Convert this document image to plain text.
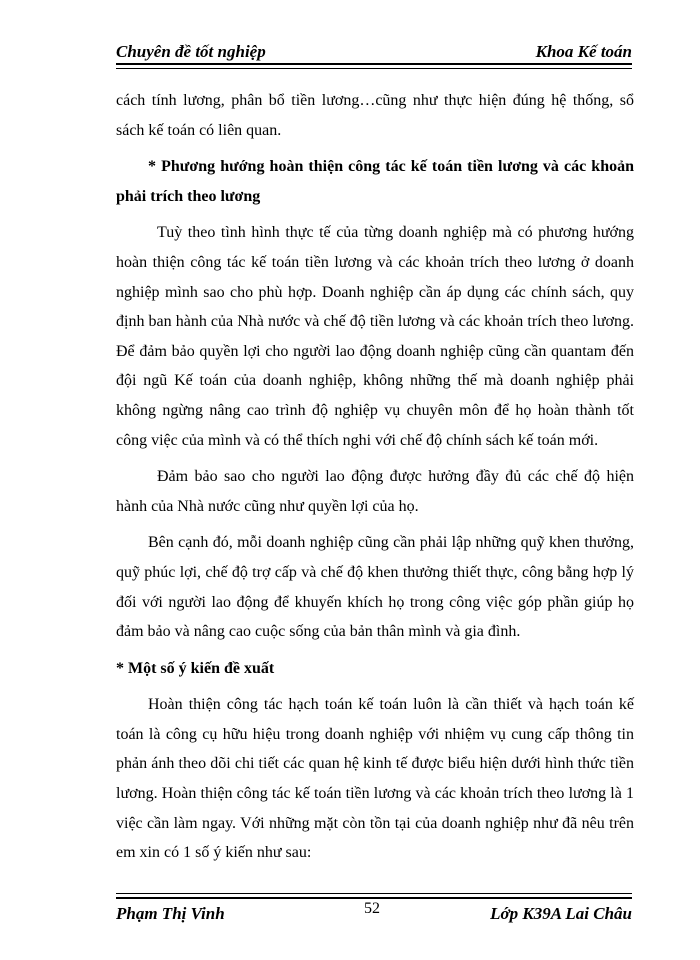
Chuyên đề tốt nghiệp	Khoa Kế toán

cách tính lương, phân bổ tiền lương…cũng như thực hiện đúng hệ thống, sổ sách kế toán có liên quan.

* Phương hướng hoàn thiện công tác kế toán tiền lương và các khoản phải trích theo lương

Tuỳ theo tình hình thực tế của từng doanh nghiệp mà có phương hướng hoàn thiện công tác kế toán tiền lương và các khoản trích theo lương ở doanh nghiệp mình sao cho phù hợp. Doanh nghiệp cần áp dụng các chính sách, quy định ban hành của Nhà nước và chế độ tiền lương và các khoản trích theo lương. Để đảm bảo quyền lợi cho người lao động doanh nghiệp cũng cần quantam đến đội ngũ Kế toán của doanh nghiệp, không những thế mà doanh nghiệp phải không ngừng nâng cao trình độ nghiệp vụ chuyên môn để họ hoàn thành tốt công việc của mình và có thể thích nghi với chế độ chính sách kế toán mới.

Đảm bảo sao cho người lao động được hưởng đầy đủ các chế độ hiện hành của Nhà nước cũng như quyền lợi của họ.

Bên cạnh đó, mỗi doanh nghiệp cũng cần phải lập những quỹ khen thưởng, quỹ phúc lợi, chế độ trợ cấp và chế độ khen thưởng thiết thực, công bằng hợp lý đối với người lao động để khuyến khích họ trong công việc góp phần giúp họ đảm bảo và nâng cao cuộc sống của bản thân mình và gia đình.

* Một số ý kiến đề xuất

Hoàn thiện công tác hạch toán kế toán luôn là cần thiết và hạch toán kế toán là công cụ hữu hiệu trong doanh nghiệp với nhiệm vụ cung cấp thông tin phản ánh theo dõi chi tiết các quan hệ kinh tế được biểu hiện dưới hình thức tiền lương. Hoàn thiện công tác kế toán tiền lương và các khoản trích theo lương là 1 việc cần làm ngay. Với những mặt còn tồn tại của doanh nghiệp như đã nêu trên em xin có 1 số ý kiến như sau:

Phạm Thị Vinh	52	Lớp K39A Lai Châu
